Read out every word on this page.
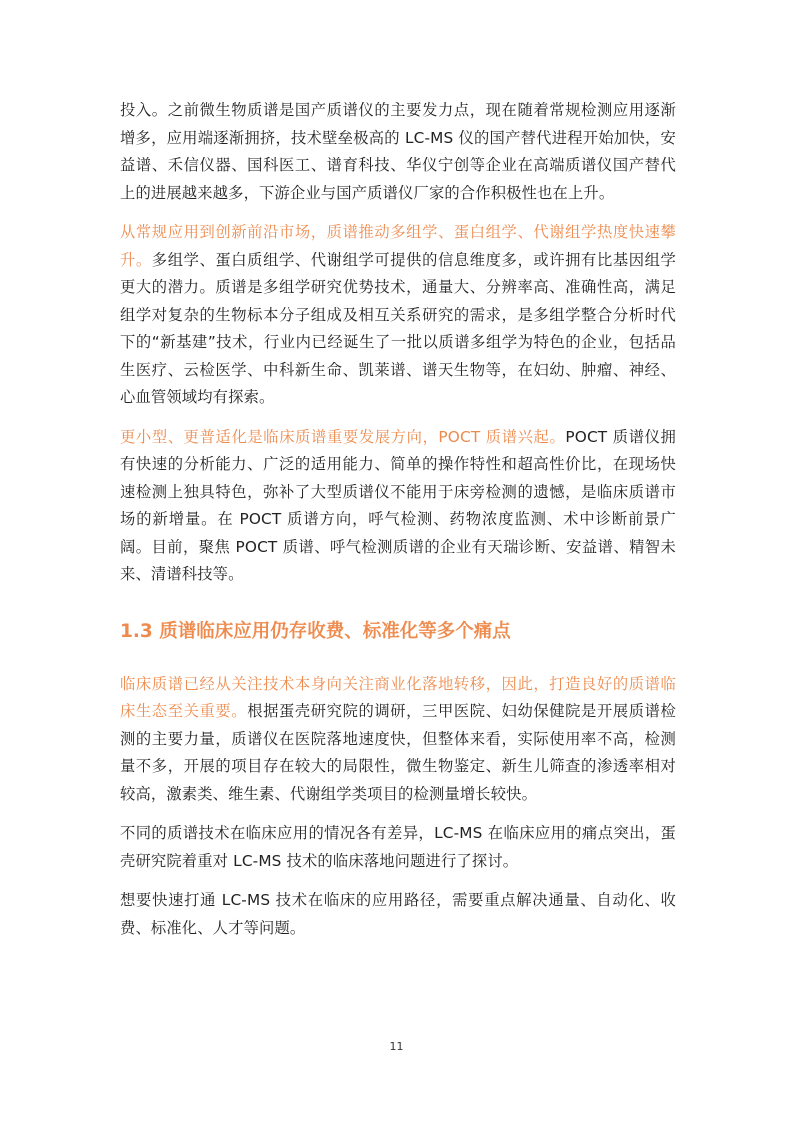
投入。之前微生物质谱是国产质谱仪的主要发力点，现在随着常规检测应用逐渐增多，应用端逐渐拥挤，技术壁垒极高的 LC-MS 仪的国产替代进程开始加快，安益谱、禾信仪器、国科医工、谱育科技、华仪宁创等企业在高端质谱仪国产替代上的进展越来越多，下游企业与国产质谱仪厂家的合作积极性也在上升。

从常规应用到创新前沿市场，质谱推动多组学、蛋白组学、代谢组学热度快速攀升。多组学、蛋白质组学、代谢组学可提供的信息维度多，或许拥有比基因组学更大的潜力。质谱是多组学研究优势技术，通量大、分辨率高、准确性高，满足组学对复杂的生物标本分子组成及相互关系研究的需求，是多组学整合分析时代下的“新基建”技术，行业内已经诞生了一批以质谱多组学为特色的企业，包括品生医疗、云检医学、中科新生命、凯莱谱、谱天生物等，在妇幼、肿瘤、神经、心血管领域均有探索。

更小型、更普适化是临床质谱重要发展方向，POCT 质谱兴起。POCT 质谱仪拥有快速的分析能力、广泛的适用能力、简单的操作特性和超高性价比，在现场快速检测上独具特色，弥补了大型质谱仪不能用于床旁检测的遗憾，是临床质谱市场的新增量。在 POCT 质谱方向，呼气检测、药物浓度监测、术中诊断前景广阔。目前，聚焦 POCT 质谱、呼气检测质谱的企业有天瑞诊断、安益谱、精智未来、清谱科技等。

1.3 质谱临床应用仍存收费、标准化等多个痛点

临床质谱已经从关注技术本身向关注商业化落地转移，因此，打造良好的质谱临床生态至关重要。根据蛋壳研究院的调研，三甲医院、妇幼保健院是开展质谱检测的主要力量，质谱仪在医院落地速度快，但整体来看，实际使用率不高，检测量不多，开展的项目存在较大的局限性，微生物鉴定、新生儿筛查的渗透率相对较高，激素类、维生素、代谢组学类项目的检测量增长较快。

不同的质谱技术在临床应用的情况各有差异，LC-MS 在临床应用的痛点突出，蛋壳研究院着重对 LC-MS 技术的临床落地问题进行了探讨。

想要快速打通 LC-MS 技术在临床的应用路径，需要重点解决通量、自动化、收费、标准化、人才等问题。

11
